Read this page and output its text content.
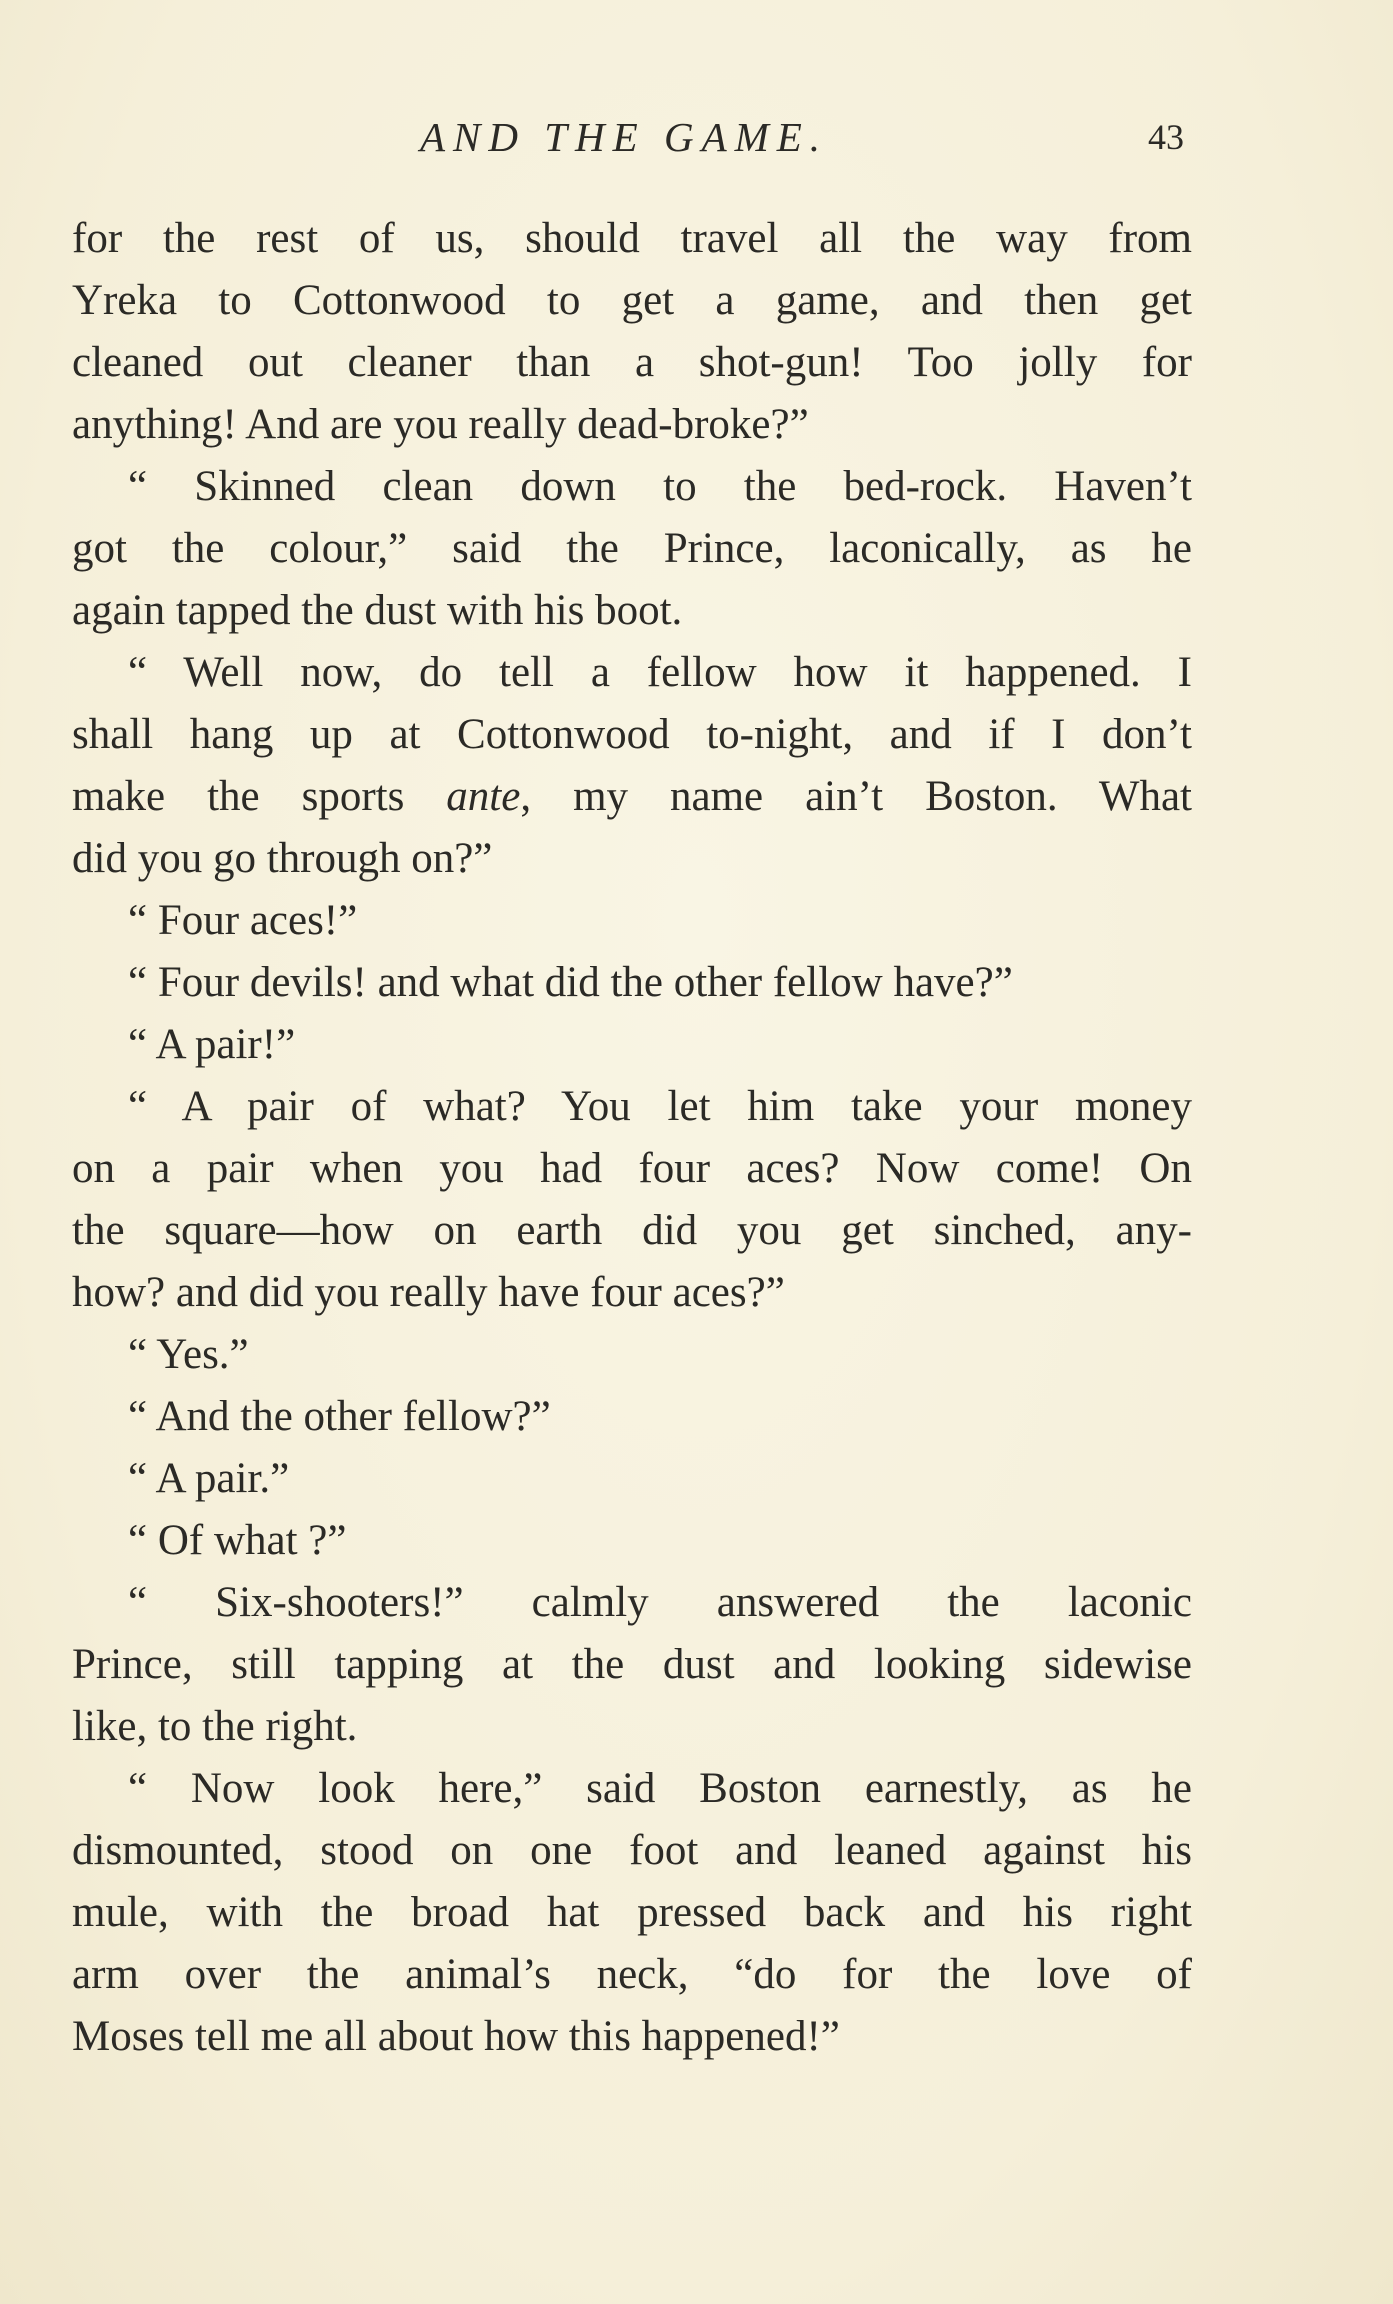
AND THE GAME.	43
for the rest of us, should travel all the way from
Yreka to Cottonwood to get a game, and then get
cleaned out cleaner than a shot-gun! Too jolly for
anything! And are you really dead-broke?”
“ Skinned clean down to the bed-rock. Haven’t
got the colour,” said the Prince, laconically, as he
again tapped the dust with his boot.
“ Well now, do tell a fellow how it happened. I
shall hang up at Cottonwood to-night, and if I don’t
make the sports ante, my name ain’t Boston. What
did you go through on?”
“ Four aces!”
“ Four devils! and what did the other fellow have?”
“ A pair!”
“ A pair of what? You let him take your money
on a pair when you had four aces? Now come! On
the square—how on earth did you get sinched, any-
how? and did you really have four aces?”
“ Yes.”
“ And the other fellow?”
“ A pair.”
“ Of what ?”
“ Six-shooters!” calmly answered the laconic
Prince, still tapping at the dust and looking sidewise
like, to the right.
“ Now look here,” said Boston earnestly, as he
dismounted, stood on one foot and leaned against his
mule, with the broad hat pressed back and his right
arm over the animal’s neck, “do for the love of
Moses tell me all about how this happened!”
